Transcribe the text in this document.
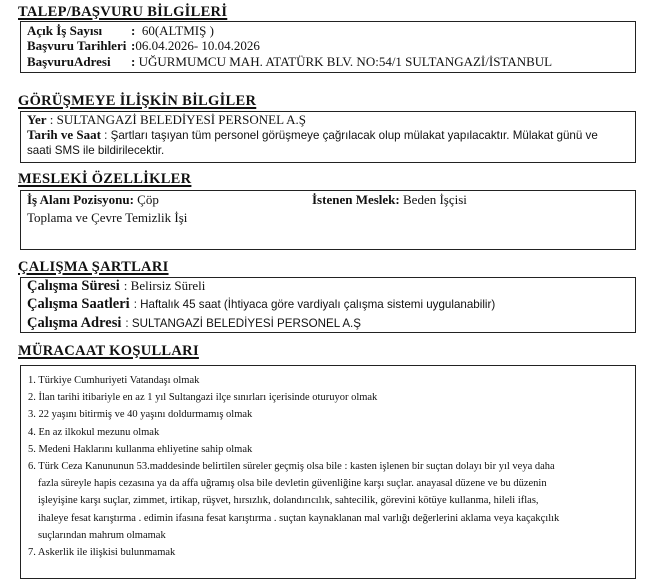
TALEP/BAŞVURU BİLGİLERİ
Açık İş Sayısı : 60(ALTMIŞ )
Başvuru Tarihleri :06.04.2026- 10.04.2026
BaşvuruAdresi : UĞURMUMCU MAH. ATATÜRK BLV. NO:54/1 SULTANGAZİ/İSTANBUL
GÖRÜŞMEYE İLİŞKİN BİLGİLER
Yer : SULTANGAZİ BELEDİYESİ PERSONEL A.Ş
Tarih ve Saat : Şartları taşıyan tüm personel görüşmeye çağrılacak olup mülakat yapılacaktır. Mülakat günü ve
saati SMS ile bildirilecektir.
MESLEKİ ÖZELLİKLER
İş Alanı Pozisyonu: Çöp
Toplama ve Çevre Temizlik İşi
İstenen Meslek: Beden İşçisi
ÇALIŞMA ŞARTLARI
Çalışma Süresi : Belirsiz Süreli
Çalışma Saatleri : Haftalık 45 saat (İhtiyaca göre vardiyalı çalışma sistemi uygulanabilir)
Çalışma Adresi : SULTANGAZİ BELEDİYESİ PERSONEL A.Ş
MÜRACAAT KOŞULLARI
1. Türkiye Cumhuriyeti Vatandaşı olmak
2. İlan tarihi itibariyle en az 1 yıl Sultangazi ilçe sınırları içerisinde oturuyor olmak
3. 22 yaşını bitirmiş ve 40 yaşını doldurmamış olmak
4. En az ilkokul mezunu olmak
5. Medeni Haklarını kullanma ehliyetine sahip olmak
6. Türk Ceza Kanununun 53.maddesinde belirtilen süreler geçmiş olsa bile : kasten işlenen bir suçtan dolayı bir yıl veya daha
fazla süreyle hapis cezasına ya da affa uğramış olsa bile devletin güvenliğine karşı suçlar. anayasal düzene ve bu düzenin
işleyişine karşı suçlar, zimmet, irtikap, rüşvet, hırsızlık, dolandırıcılık, sahtecilik, görevini kötüye kullanma, hileli iflas,
ihaleye fesat karıştırma . edimin ifasına fesat karıştırma . suçtan kaynaklanan mal varlığı değerlerini aklama veya kaçakçılık
suçlarından mahrum olmamak
7. Askerlik ile ilişkisi bulunmamak
